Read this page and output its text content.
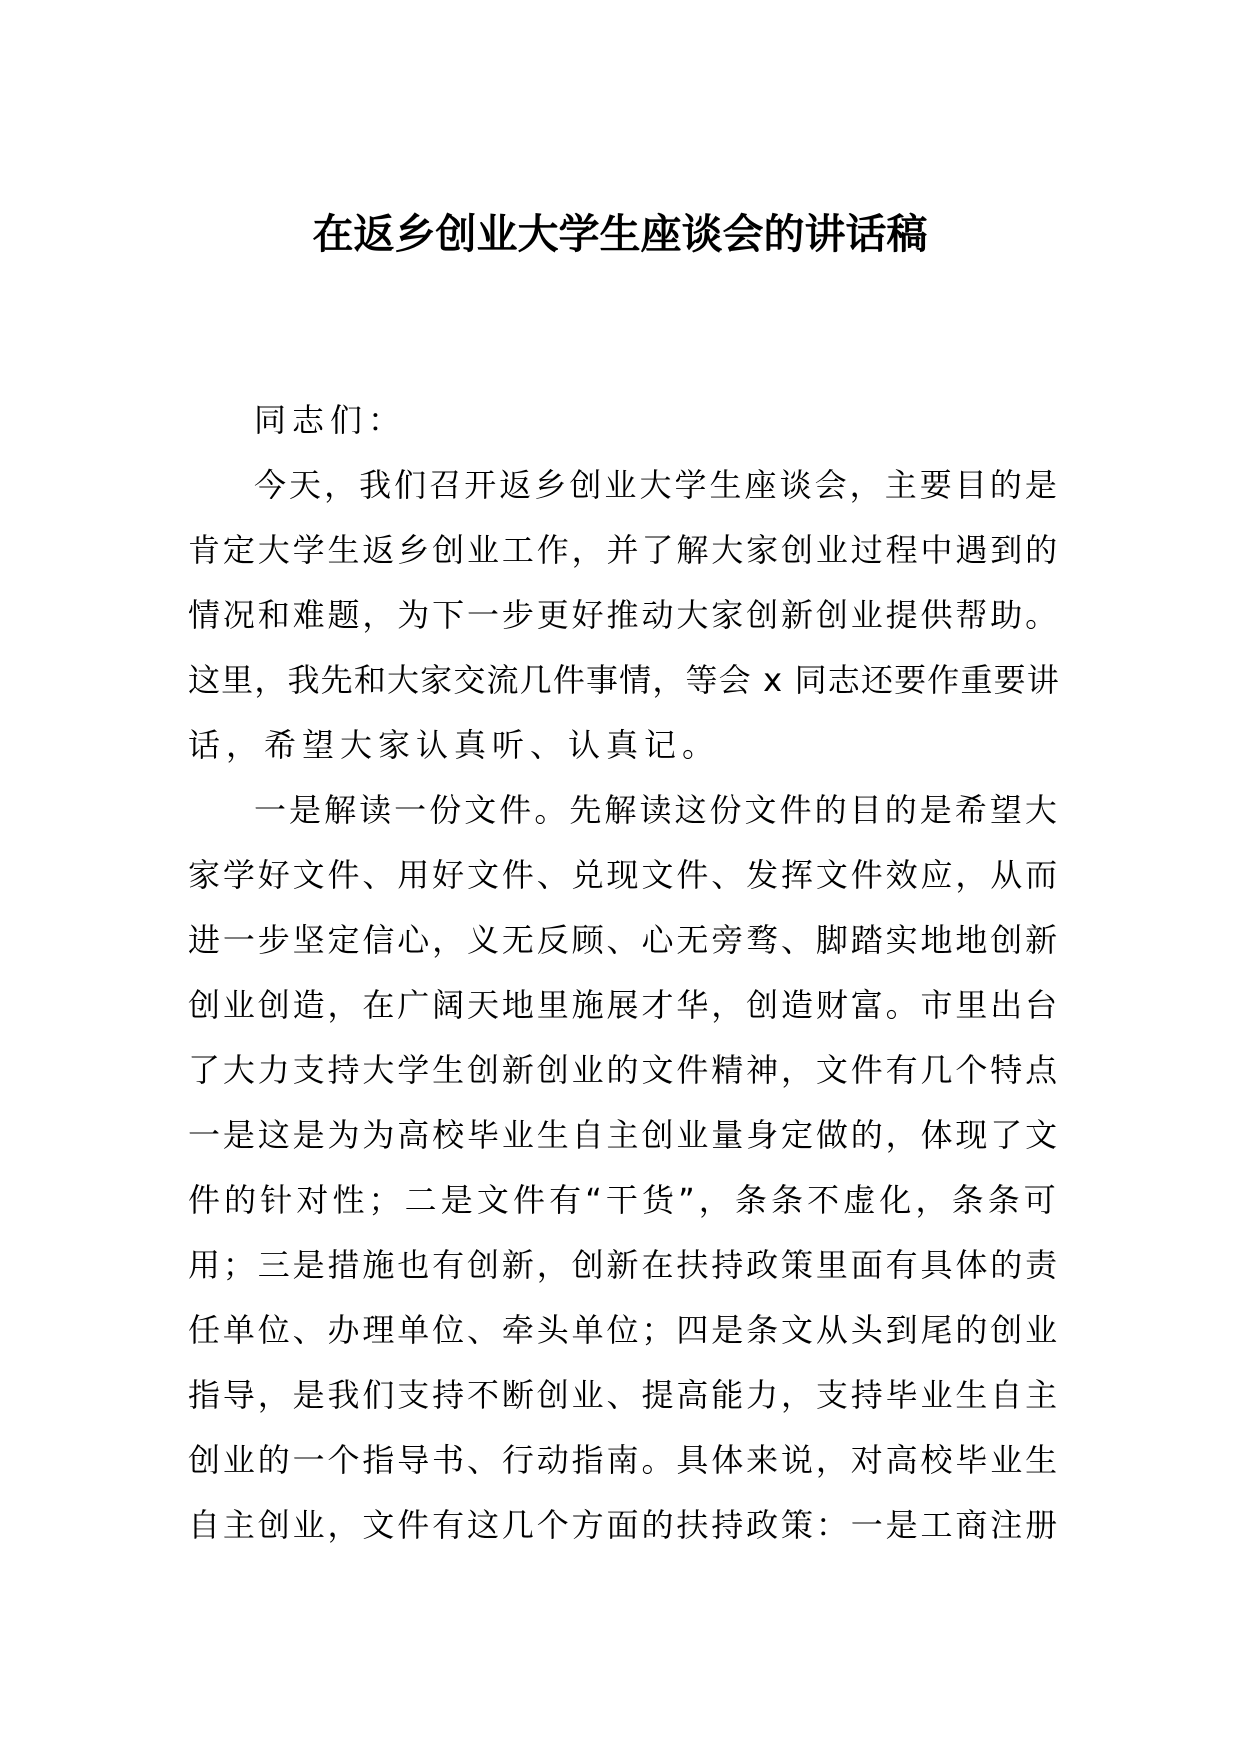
在返乡创业大学生座谈会的讲话稿
同志们：
今天，我们召开返乡创业大学生座谈会，主要目的是
肯定大学生返乡创业工作，并了解大家创业过程中遇到的
情况和难题，为下一步更好推动大家创新创业提供帮助。
这里，我先和大家交流几件事情，等会 x 同志还要作重要讲
话，希望大家认真听、认真记。
一是解读一份文件。先解读这份文件的目的是希望大
家学好文件、用好文件、兑现文件、发挥文件效应，从而
进一步坚定信心，义无反顾、心无旁骛、脚踏实地地创新
创业创造，在广阔天地里施展才华，创造财富。市里出台
了大力支持大学生创新创业的文件精神，文件有几个特点
一是这是为为高校毕业生自主创业量身定做的，体现了文
件的针对性；二是文件有“干货”，条条不虚化，条条可
用；三是措施也有创新，创新在扶持政策里面有具体的责
任单位、办理单位、牵头单位；四是条文从头到尾的创业
指导，是我们支持不断创业、提高能力，支持毕业生自主
创业的一个指导书、行动指南。具体来说，对高校毕业生
自主创业，文件有这几个方面的扶持政策：一是工商注册
